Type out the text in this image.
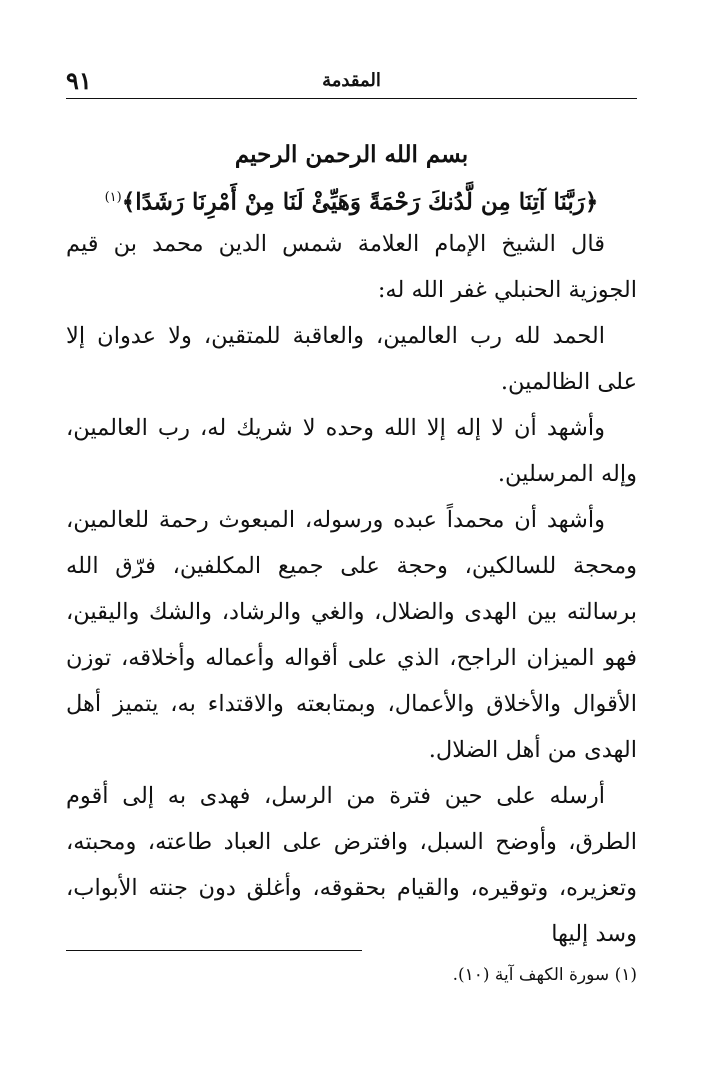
٩١	المقدمة
بسم الله الرحمن الرحيم
﴿رَبَّنَا آتِنَا مِن لَّدُنكَ رَحْمَةً وَهَيِّئْ لَنَا مِنْ أَمْرِنَا رَشَدًا﴾$^{(١)}$

قال الشيخ الإمام العلامة شمس الدين محمد بن قيم الجوزية الحنبلي غفر الله له:

الحمد لله رب العالمين، والعاقبة للمتقين، ولا عدوان إلا على الظالمين.

وأشهد أن لا إله إلا الله وحده لا شريك له، رب العالمين، وإله المرسلين.

وأشهد أن محمداً عبده ورسوله، المبعوث رحمة للعالمين، ومحجة للسالكين، وحجة على جميع المكلفين، فرّق الله برسالته بين الهدى والضلال، والغي والرشاد، والشك واليقين، فهو الميزان الراجح، الذي على أقواله وأعماله وأخلاقه، توزن الأقوال والأخلاق والأعمال، وبمتابعته والاقتداء به، يتميز أهل الهدى من أهل الضلال.

أرسله على حين فترة من الرسل، فهدى به إلى أقوم الطرق، وأوضح السبل، وافترض على العباد طاعته، ومحبته، وتعزيره، وتوقيره، والقيام بحقوقه، وأغلق دون جنته الأبواب، وسد إليها

(١) سورة الكهف آية (١٠).
